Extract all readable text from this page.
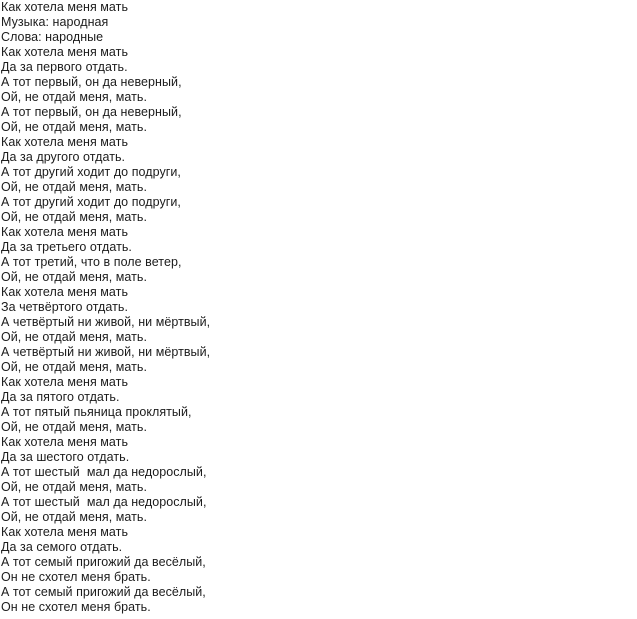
Как хотела меня мать
Музыка: народная
Слова: народные
Как хотела меня мать
Да за первого отдать.
А тот первый, он да неверный,
Ой, не отдай меня, мать.
А тот первый, он да неверный,
Ой, не отдай меня, мать.
Как хотела меня мать
Да за другого отдать.
А тот другий ходит до подруги,
Ой, не отдай меня, мать.
А тот другий ходит до подруги,
Ой, не отдай меня, мать.
Как хотела меня мать
Да за третьего отдать.
А тот третий, что в поле ветер,
Ой, не отдай меня, мать.
Как хотела меня мать
За четвёртого отдать.
А четвёртый ни живой, ни мёртвый,
Ой, не отдай меня, мать.
А четвёртый ни живой, ни мёртвый,
Ой, не отдай меня, мать.
Как хотела меня мать
Да за пятого отдать.
А тот пятый пьяница проклятый,
Ой, не отдай меня, мать.
Как хотела меня мать
Да за шестого отдать.
А тот шестый  мал да недорослый,
Ой, не отдай меня, мать.
А тот шестый  мал да недорослый,
Ой, не отдай меня, мать.
Как хотела меня мать
Да за семого отдать.
А тот семый пригожий да весёлый,
Он не схотел меня брать.
А тот семый пригожий да весёлый,
Он не схотел меня брать.
